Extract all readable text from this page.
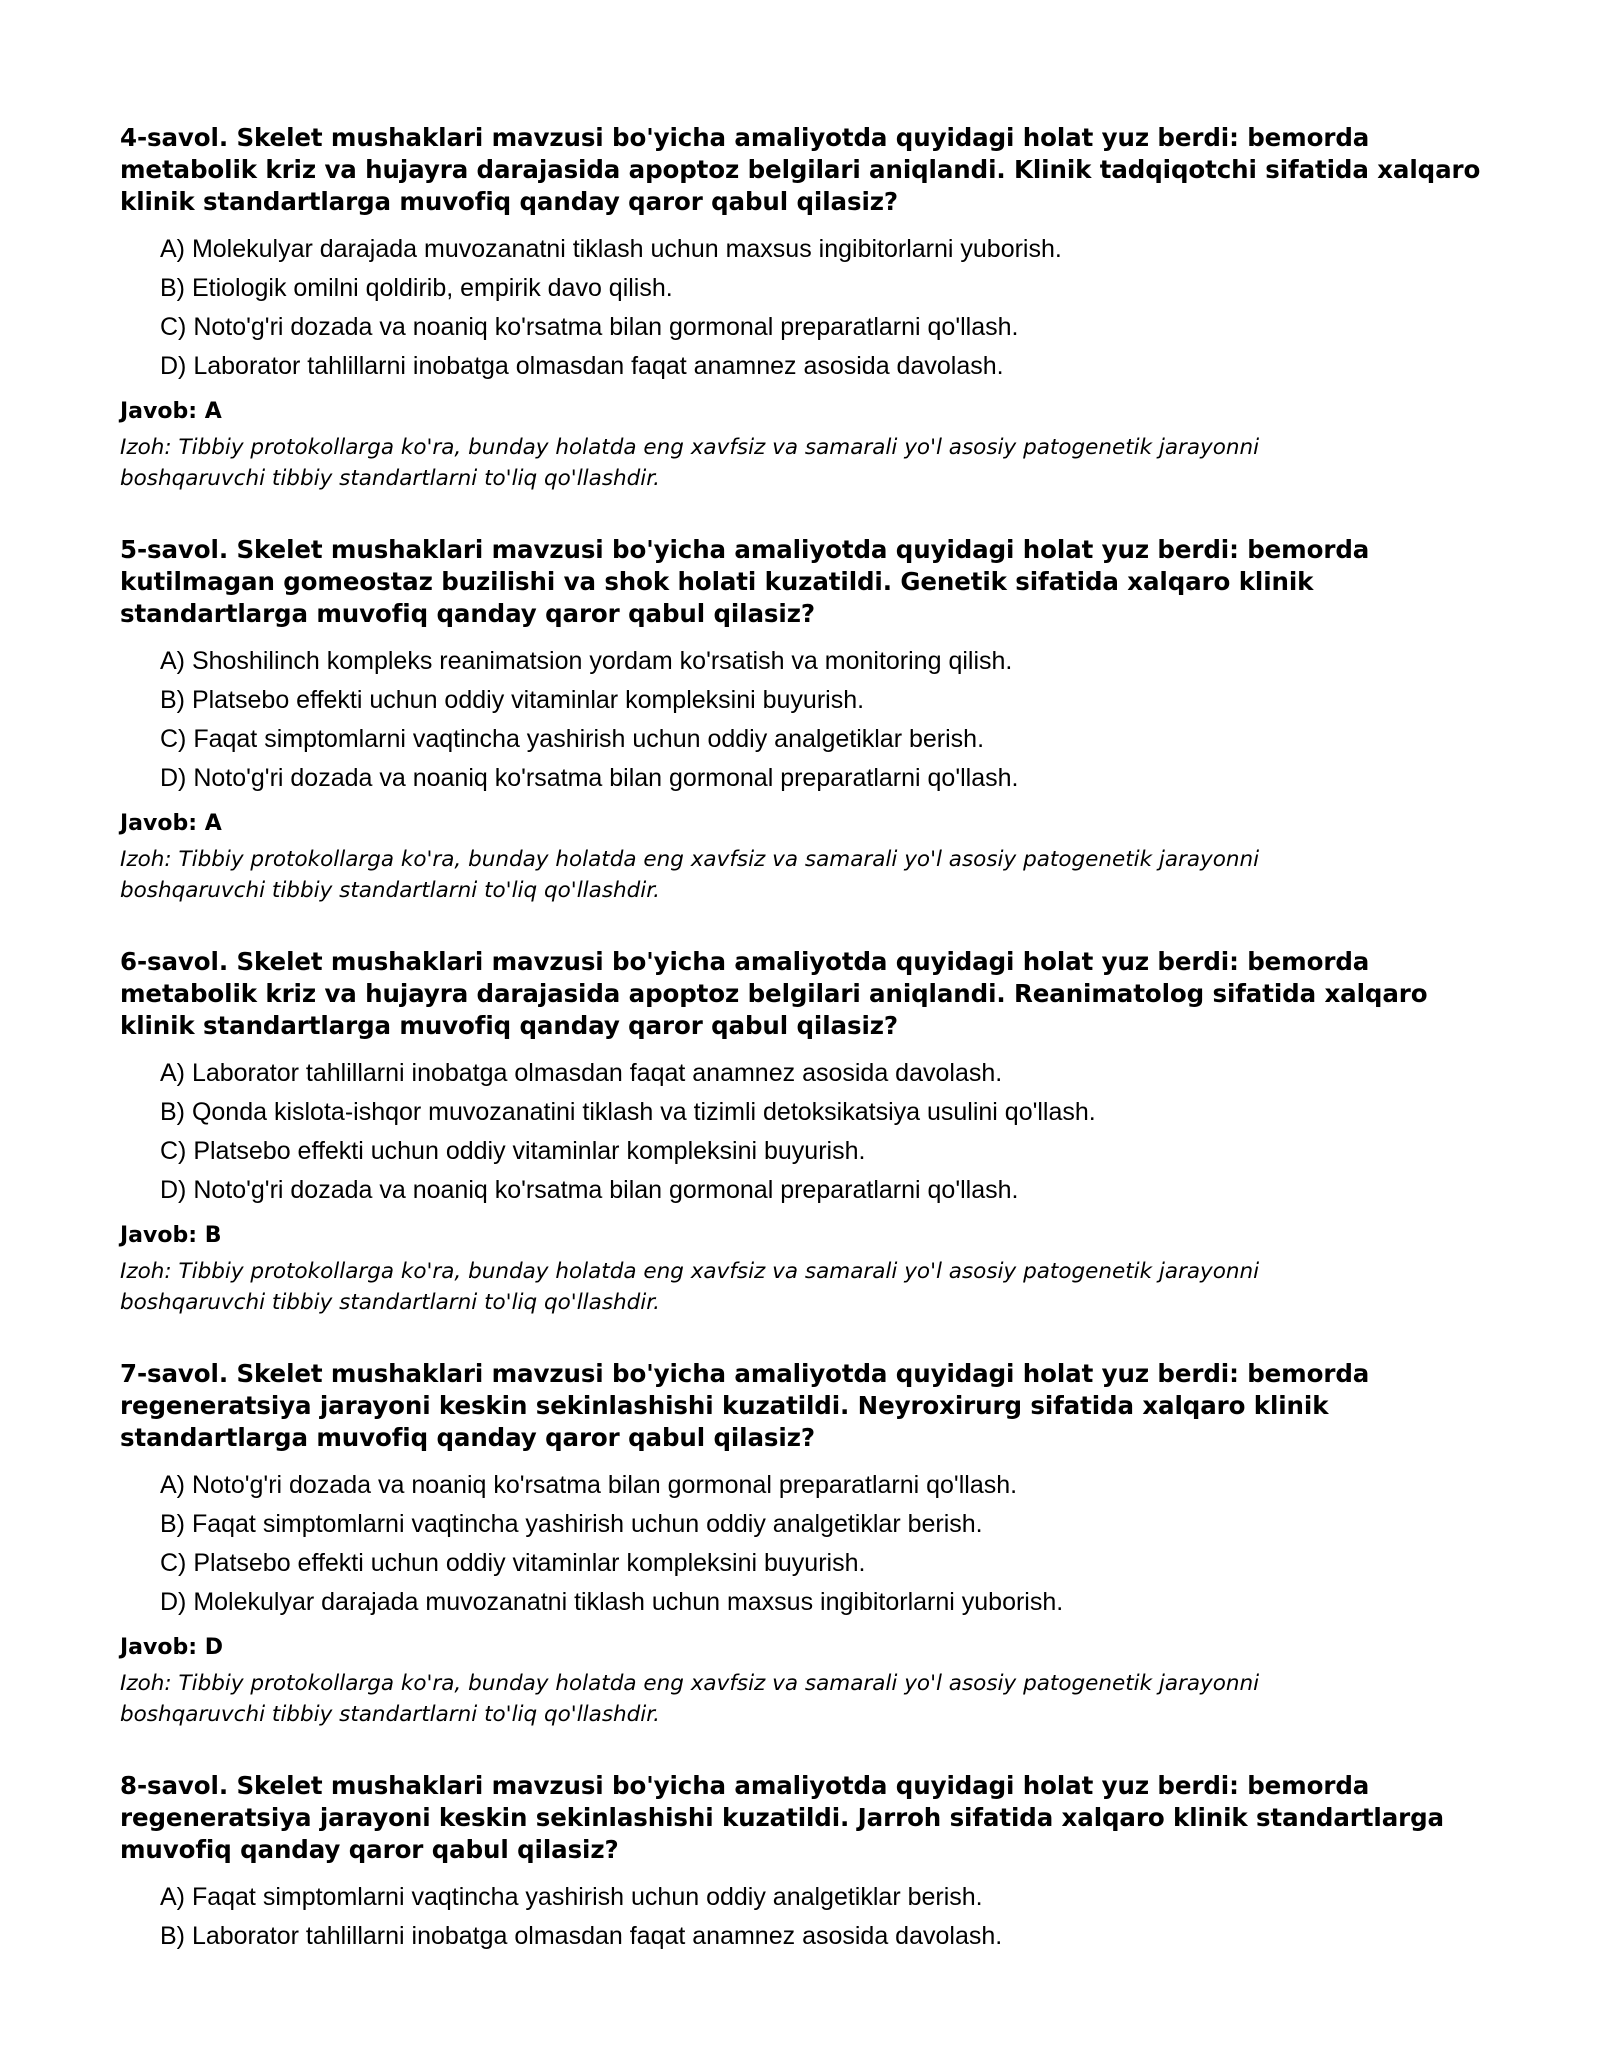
4-savol. Skelet mushaklari mavzusi bo'yicha amaliyotda quyidagi holat yuz berdi: bemorda metabolik kriz va hujayra darajasida apoptoz belgilari aniqlandi. Klinik tadqiqotchi sifatida xalqaro klinik standartlarga muvofiq qanday qaror qabul qilasiz?

A) Molekulyar darajada muvozanatni tiklash uchun maxsus ingibitorlarni yuborish.

B) Etiologik omilni qoldirib, empirik davo qilish.

C) Noto'g'ri dozada va noaniq ko'rsatma bilan gormonal preparatlarni qo'llash.

D) Laborator tahlillarni inobatga olmasdan faqat anamnez asosida davolash.

Javob: A

Izoh: Tibbiy protokollarga ko'ra, bunday holatda eng xavfsiz va samarali yo'l asosiy patogenetik jarayonni boshqaruvchi tibbiy standartlarni to'liq qo'llashdir.

5-savol. Skelet mushaklari mavzusi bo'yicha amaliyotda quyidagi holat yuz berdi: bemorda kutilmagan gomeostaz buzilishi va shok holati kuzatildi. Genetik sifatida xalqaro klinik standartlarga muvofiq qanday qaror qabul qilasiz?

A) Shoshilinch kompleks reanimatsion yordam ko'rsatish va monitoring qilish.

B) Platsebo effekti uchun oddiy vitaminlar kompleksini buyurish.

C) Faqat simptomlarni vaqtincha yashirish uchun oddiy analgetiklar berish.

D) Noto'g'ri dozada va noaniq ko'rsatma bilan gormonal preparatlarni qo'llash.

Javob: A

Izoh: Tibbiy protokollarga ko'ra, bunday holatda eng xavfsiz va samarali yo'l asosiy patogenetik jarayonni boshqaruvchi tibbiy standartlarni to'liq qo'llashdir.

6-savol. Skelet mushaklari mavzusi bo'yicha amaliyotda quyidagi holat yuz berdi: bemorda metabolik kriz va hujayra darajasida apoptoz belgilari aniqlandi. Reanimatolog sifatida xalqaro klinik standartlarga muvofiq qanday qaror qabul qilasiz?

A) Laborator tahlillarni inobatga olmasdan faqat anamnez asosida davolash.

B) Qonda kislota-ishqor muvozanatini tiklash va tizimli detoksikatsiya usulini qo'llash.

C) Platsebo effekti uchun oddiy vitaminlar kompleksini buyurish.

D) Noto'g'ri dozada va noaniq ko'rsatma bilan gormonal preparatlarni qo'llash.

Javob: B

Izoh: Tibbiy protokollarga ko'ra, bunday holatda eng xavfsiz va samarali yo'l asosiy patogenetik jarayonni boshqaruvchi tibbiy standartlarni to'liq qo'llashdir.

7-savol. Skelet mushaklari mavzusi bo'yicha amaliyotda quyidagi holat yuz berdi: bemorda regeneratsiya jarayoni keskin sekinlashishi kuzatildi. Neyroxirurg sifatida xalqaro klinik standartlarga muvofiq qanday qaror qabul qilasiz?

A) Noto'g'ri dozada va noaniq ko'rsatma bilan gormonal preparatlarni qo'llash.

B) Faqat simptomlarni vaqtincha yashirish uchun oddiy analgetiklar berish.

C) Platsebo effekti uchun oddiy vitaminlar kompleksini buyurish.

D) Molekulyar darajada muvozanatni tiklash uchun maxsus ingibitorlarni yuborish.

Javob: D

Izoh: Tibbiy protokollarga ko'ra, bunday holatda eng xavfsiz va samarali yo'l asosiy patogenetik jarayonni boshqaruvchi tibbiy standartlarni to'liq qo'llashdir.

8-savol. Skelet mushaklari mavzusi bo'yicha amaliyotda quyidagi holat yuz berdi: bemorda regeneratsiya jarayoni keskin sekinlashishi kuzatildi. Jarroh sifatida xalqaro klinik standartlarga muvofiq qanday qaror qabul qilasiz?

A) Faqat simptomlarni vaqtincha yashirish uchun oddiy analgetiklar berish.

B) Laborator tahlillarni inobatga olmasdan faqat anamnez asosida davolash.
